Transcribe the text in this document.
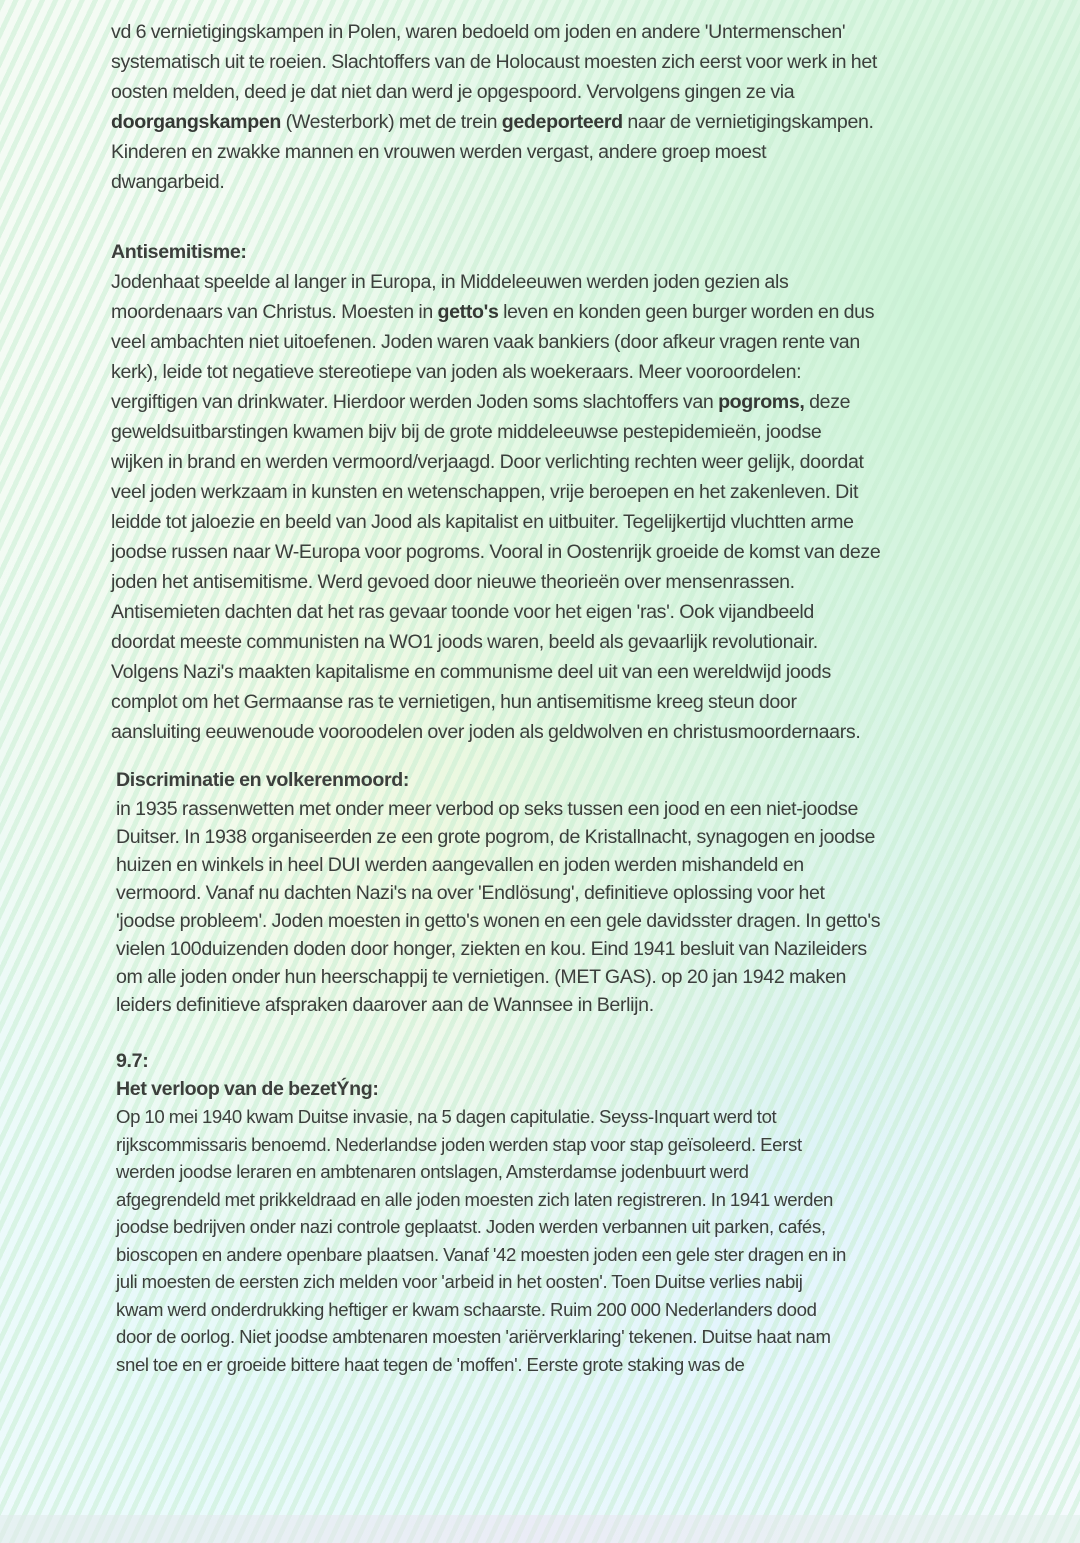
vd 6 vernietigingskampen in Polen, waren bedoeld om joden en andere 'Untermenschen'
systematisch uit te roeien. Slachtoffers van de Holocaust moesten zich eerst voor werk in het
oosten melden, deed je dat niet dan werd je opgespoord. Vervolgens gingen ze via
doorgangskampen (Westerbork) met de trein gedeporteerd naar de vernietigingskampen.
Kinderen en zwakke mannen en vrouwen werden vergast, andere groep moest
dwangarbeid.
Antisemitisme:
Jodenhaat speelde al langer in Europa, in Middeleeuwen werden joden gezien als
moordenaars van Christus. Moesten in getto's leven en konden geen burger worden en dus
veel ambachten niet uitoefenen. Joden waren vaak bankiers (door afkeur vragen rente van
kerk), leide tot negatieve stereotiepe van joden als woekeraars. Meer vooroordelen:
vergiftigen van drinkwater. Hierdoor werden Joden soms slachtoffers van pogroms, deze
geweldsuitbarstingen kwamen bijv bij de grote middeleeuwse pestepidemieën, joodse
wijken in brand en werden vermoord/verjaagd. Door verlichting rechten weer gelijk, doordat
veel joden werkzaam in kunsten en wetenschappen, vrije beroepen en het zakenleven. Dit
leidde tot jaloezie en beeld van Jood als kapitalist en uitbuiter. Tegelijkertijd vluchtten arme
joodse russen naar W-Europa voor pogroms. Vooral in Oostenrijk groeide de komst van deze
joden het antisemitisme. Werd gevoed door nieuwe theorieën over mensenrassen.
Antisemieten dachten dat het ras gevaar toonde voor het eigen 'ras'. Ook vijandbeeld
doordat meeste communisten na WO1 joods waren, beeld als gevaarlijk revolutionair.
Volgens Nazi's maakten kapitalisme en communisme deel uit van een wereldwijd joods
complot om het Germaanse ras te vernietigen, hun antisemitisme kreeg steun door
aansluiting eeuwenoude vooroodelen over joden als geldwolven en christusmoordernaars.
Discriminatie en volkerenmoord:
in 1935 rassenwetten met onder meer verbod op seks tussen een jood en een niet-joodse
Duitser. In 1938 organiseerden ze een grote pogrom, de Kristallnacht, synagogen en joodse
huizen en winkels in heel DUI werden aangevallen en joden werden mishandeld en
vermoord. Vanaf nu dachten Nazi's na over 'Endlösung', definitieve oplossing voor het
'joodse probleem'. Joden moesten in getto's wonen en een gele davidsster dragen. In getto's
vielen 100duizenden doden door honger, ziekten en kou. Eind 1941 besluit van Nazileiders
om alle joden onder hun heerschappij te vernietigen. (MET GAS). op 20 jan 1942 maken
leiders definitieve afspraken daarover aan de Wannsee in Berlijn.
9.7:
Het verloop van de bezetÝng:
Op 10 mei 1940 kwam Duitse invasie, na 5 dagen capitulatie. Seyss-Inquart werd tot
rijkscommissaris benoemd. Nederlandse joden werden stap voor stap geïsoleerd. Eerst
werden joodse leraren en ambtenaren ontslagen, Amsterdamse jodenbuurt werd
afgegrendeld met prikkeldraad en alle joden moesten zich laten registreren. In 1941 werden
joodse bedrijven onder nazi controle geplaatst. Joden werden verbannen uit parken, cafés,
bioscopen en andere openbare plaatsen. Vanaf '42 moesten joden een gele ster dragen en in
juli moesten de eersten zich melden voor 'arbeid in het oosten'. Toen Duitse verlies nabij
kwam werd onderdrukking heftiger er kwam schaarste. Ruim 200 000 Nederlanders dood
door de oorlog. Niet joodse ambtenaren moesten 'ariërverklaring' tekenen. Duitse haat nam
snel toe en er groeide bittere haat tegen de 'moffen'. Eerste grote staking was de
